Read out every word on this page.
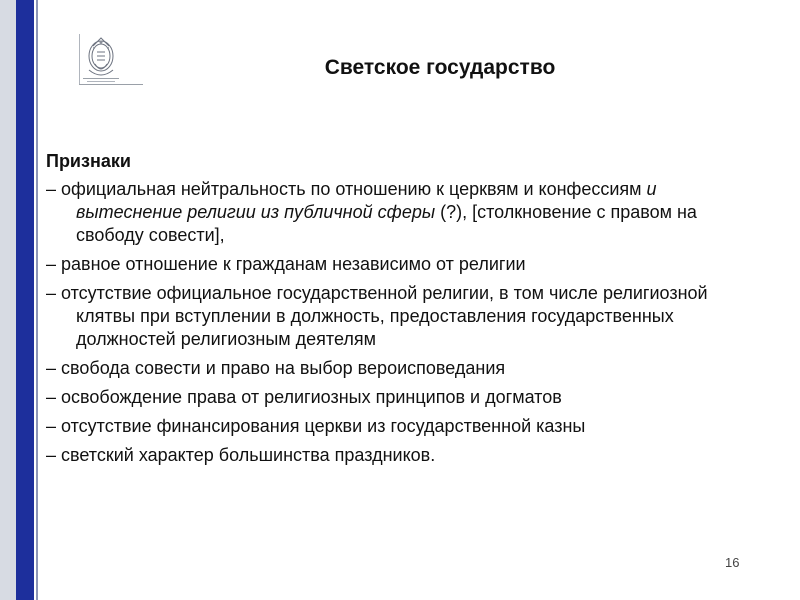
Светское государство
Признаки
– официальная нейтральность по отношению к церквям и конфессиям и вытеснение религии из публичной сферы (?), [столкновение с правом на свободу совести],
– равное отношение к гражданам независимо от религии
– отсутствие официальное государственной религии, в том числе религиозной клятвы при вступлении в должность, предоставления государственных должностей религиозным деятелям
– свобода совести и право на выбор вероисповедания
– освобождение права от религиозных принципов и догматов
– отсутствие финансирования церкви из государственной казны
– светский характер большинства праздников.
16
